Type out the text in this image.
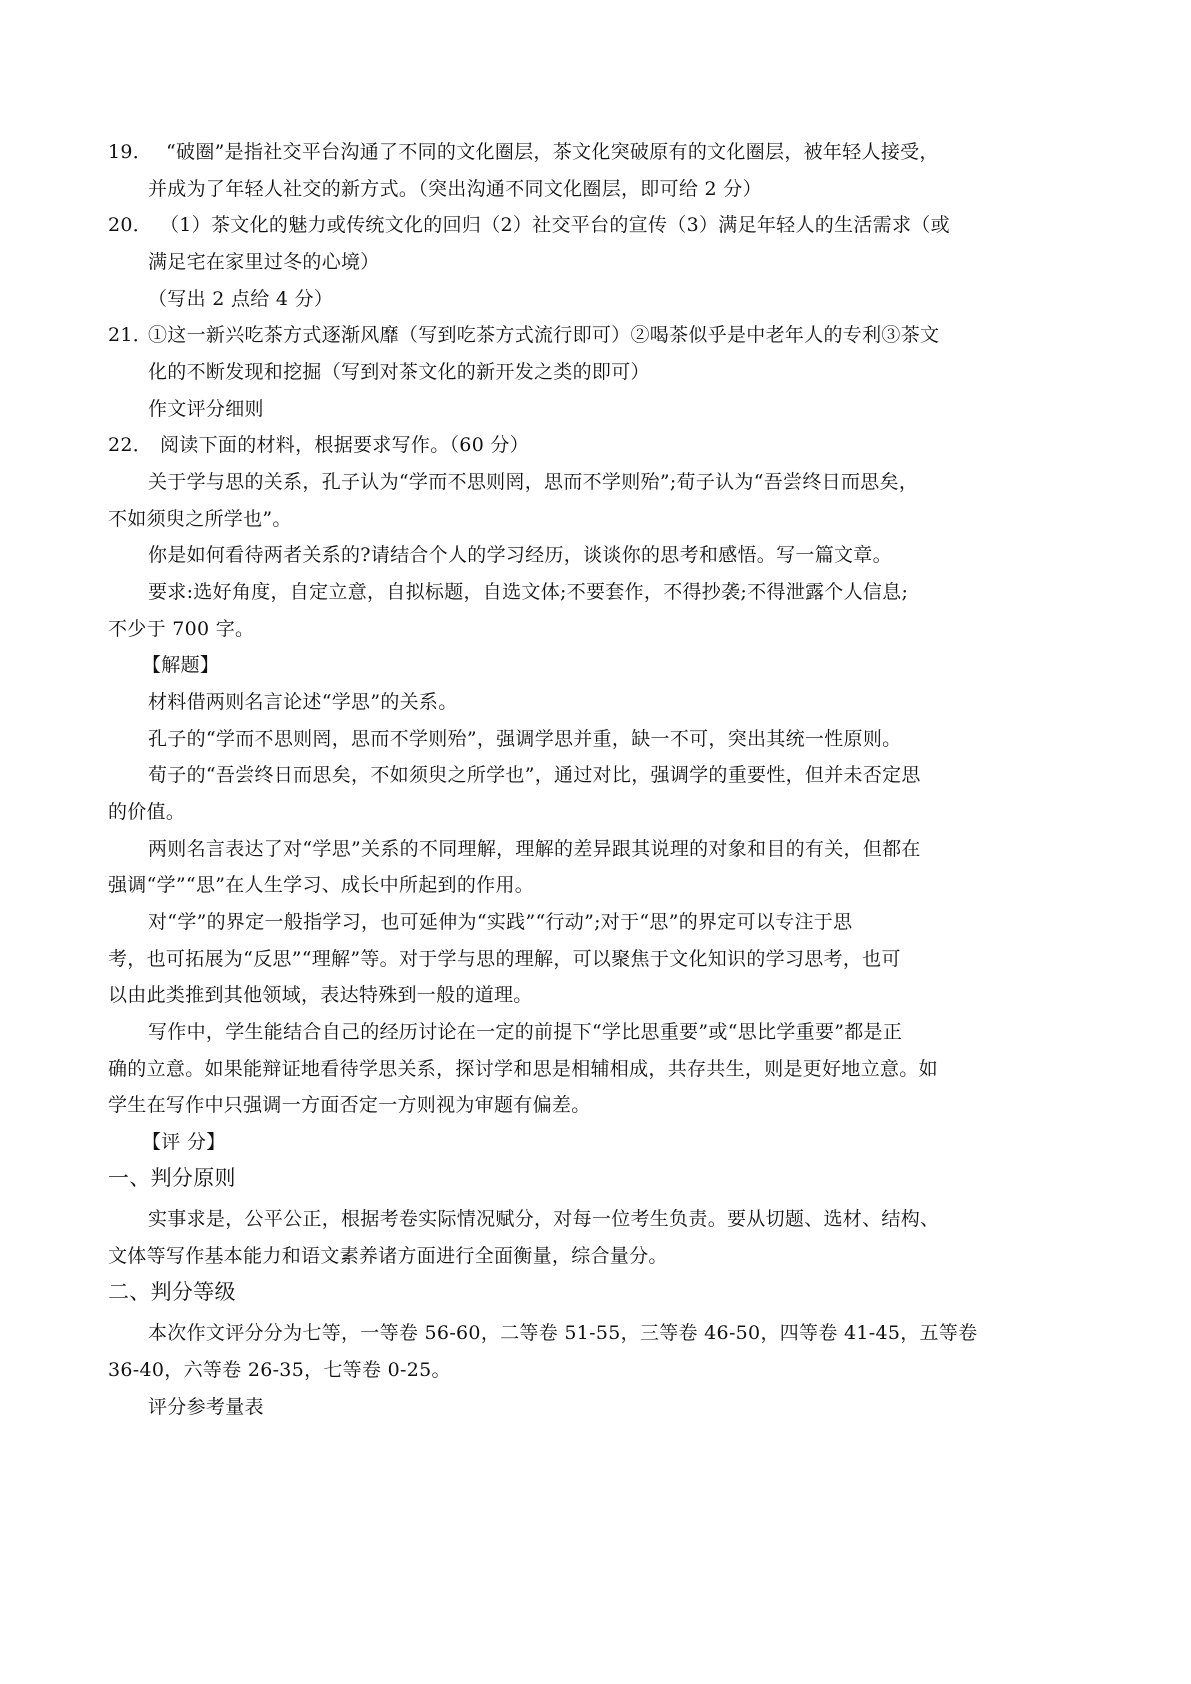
19． “破圈”是指社交平台沟通了不同的文化圈层，茶文化突破原有的文化圈层，被年轻人接受，
并成为了年轻人社交的新方式。（突出沟通不同文化圈层，即可给 2 分）
20． （1）茶文化的魅力或传统文化的回归（2）社交平台的宣传（3）满足年轻人的生活需求（或
满足宅在家里过冬的心境）
（写出 2 点给 4 分）
21．①这一新兴吃茶方式逐渐风靡（写到吃茶方式流行即可）②喝茶似乎是中老年人的专利③茶文
化的不断发现和挖掘（写到对茶文化的新开发之类的即可）
作文评分细则
22． 阅读下面的材料，根据要求写作。（60 分）
关于学与思的关系，孔子认为“学而不思则罔，思而不学则殆”;荀子认为“吾尝终日而思矣，
不如须臾之所学也”。
你是如何看待两者关系的?请结合个人的学习经历，谈谈你的思考和感悟。写一篇文章。
要求:选好角度，自定立意，自拟标题，自选文体;不要套作，不得抄袭;不得泄露个人信息;
不少于 700 字。
【解题】
材料借两则名言论述“学思”的关系。
孔子的“学而不思则罔，思而不学则殆”，强调学思并重，缺一不可，突出其统一性原则。
荀子的“吾尝终日而思矣，不如须臾之所学也”，通过对比，强调学的重要性，但并未否定思
的价值。
两则名言表达了对“学思”关系的不同理解，理解的差异跟其说理的对象和目的有关，但都在
强调“学”“思”在人生学习、成长中所起到的作用。
对“学”的界定一般指学习，也可延伸为“实践”“行动”;对于“思”的界定可以专注于思
考，也可拓展为“反思”“理解”等。对于学与思的理解，可以聚焦于文化知识的学习思考，也可
以由此类推到其他领域，表达特殊到一般的道理。
写作中，学生能结合自己的经历讨论在一定的前提下“学比思重要”或“思比学重要”都是正
确的立意。如果能辩证地看待学思关系，探讨学和思是相辅相成，共存共生，则是更好地立意。如
学生在写作中只强调一方面否定一方则视为审题有偏差。
【评 分】
一、判分原则
实事求是，公平公正，根据考卷实际情况赋分，对每一位考生负责。要从切题、选材、结构、
文体等写作基本能力和语文素养诸方面进行全面衡量，综合量分。
二、判分等级
本次作文评分分为七等，一等卷 56-60，二等卷 51-55，三等卷 46-50，四等卷 41-45，五等卷
36-40，六等卷 26-35，七等卷 0-25。
评分参考量表
